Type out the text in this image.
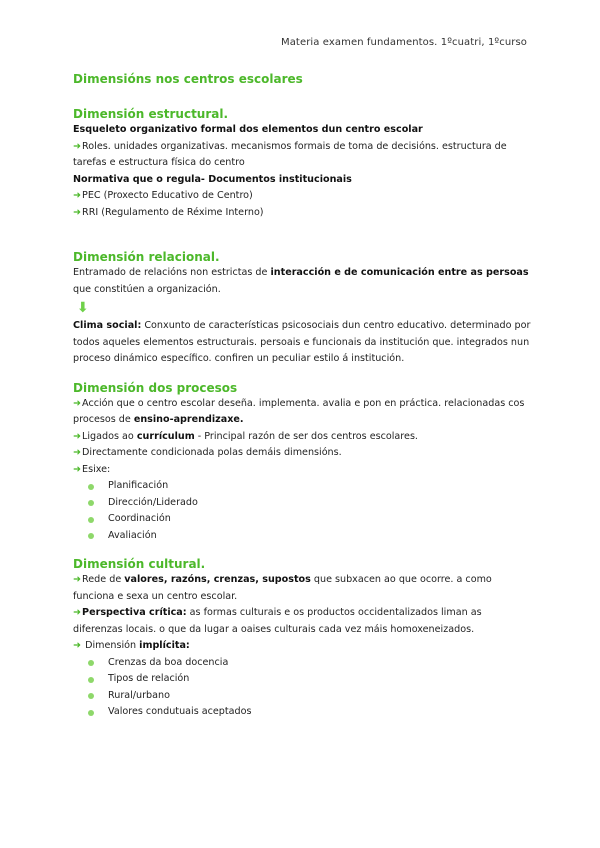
Materia examen fundamentos. 1ºcuatri, 1ºcurso
Dimensións nos centros escolares
Dimensión estructural.

Esqueleto organizativo formal dos elementos dun centro escolar

➜Roles. unidades organizativas. mecanismos formais de toma de decisións. estructura de tarefas e estructura física do centro

Normativa que o regula- Documentos institucionais

➜PEC (Proxecto Educativo de Centro)

➜RRI (Regulamento de Réxime Interno)

Dimensión relacional.

Entramado de relacións non estrictas de interacción e de comunicación entre as persoas que constitúen a organización.

⬇

Clima social: Conxunto de características psicosociais dun centro educativo. determinado por todos aqueles elementos estructurais. persoais e funcionais da institución que. integrados nun proceso dinámico específico. confiren un peculiar estilo á institución.

Dimensión dos procesos

➜Acción que o centro escolar deseña. implementa. avalia e pon en práctica. relacionadas cos procesos de ensino-aprendizaxe.

➜Ligados ao currículum - Principal razón de ser dos centros escolares.

➜Directamente condicionada polas demáis dimensións.

➜Esixe:

Planificación
Dirección/Liderado
Coordinación
Avaliación
Dimensión cultural.

➜Rede de valores, razóns, crenzas, supostos que subxacen ao que ocorre. a como funciona e sexa un centro escolar.

➜Perspectiva crítica: as formas culturais e os productos occidentalizados liman as diferenzas locais. o que da lugar a oaises culturais cada vez máis homoxeneizados.

➜ Dimensión implícita:

Crenzas da boa docencia
Tipos de relación
Rural/urbano
Valores condutuais aceptados
